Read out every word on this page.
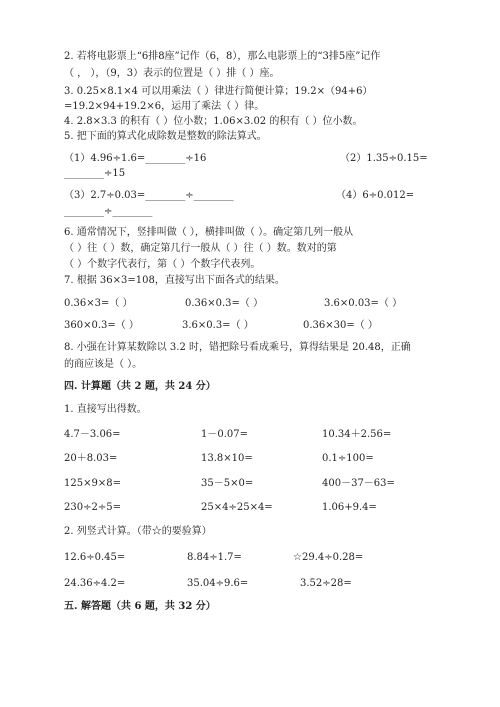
2. 若将电影票上“6排8座”记作（6，8），那么电影票上的“3排5座”记作
（ ， ），（9，3）表示的位置是（ ）排（ ）座。
3. 0.25×8.1×4 可以用乘法（ ）律进行简便计算；19.2×（94+6）
=19.2×94+19.2×6，运用了乘法（ ）律。
4. 2.8×3.3 的积有（ ）位小数；1.06×3.02 的积有（ ）位小数。
5. 把下面的算式化成除数是整数的除法算式。
（1）4.96÷1.6=________÷16	（2）1.35÷0.15=
________÷15
（3）2.7÷0.03=________÷________	（4）6÷0.012=
________÷________
6. 通常情况下，竖排叫做（ ），横排叫做（ ）。确定第几列一般从
（ ）往（ ）数，确定第几行一般从（ ）往（ ）数。数对的第
（ ）个数字代表行，第（ ）个数字代表列。
7. 根据 36×3=108，直接写出下面各式的结果。
0.36×3=（ ）	0.36×0.3=（ ）	3.6×0.03=（ ）
360×0.3=（ ）	3.6×0.3=（ ）	0.36×30=（ ）
8. 小强在计算某数除以 3.2 时，错把除号看成乘号，算得结果是 20.48，正确
的商应该是（ ）。
四. 计算题（共 2 题，共 24 分）
1. 直接写出得数。
4.7－3.06=	1－0.07=	10.34＋2.56=
20＋8.03=	13.8×10=	0.1÷100=
125×9×8=	35－5×0=	400－37－63=
230÷2÷5=	25×4÷25×4=	1.06+9.4=
2. 列竖式计算。（带☆的要验算）
12.6÷0.45=	8.84÷1.7=	☆29.4÷0.28=
24.36÷4.2=	35.04÷9.6=	3.52÷28=
五. 解答题（共 6 题，共 32 分）
